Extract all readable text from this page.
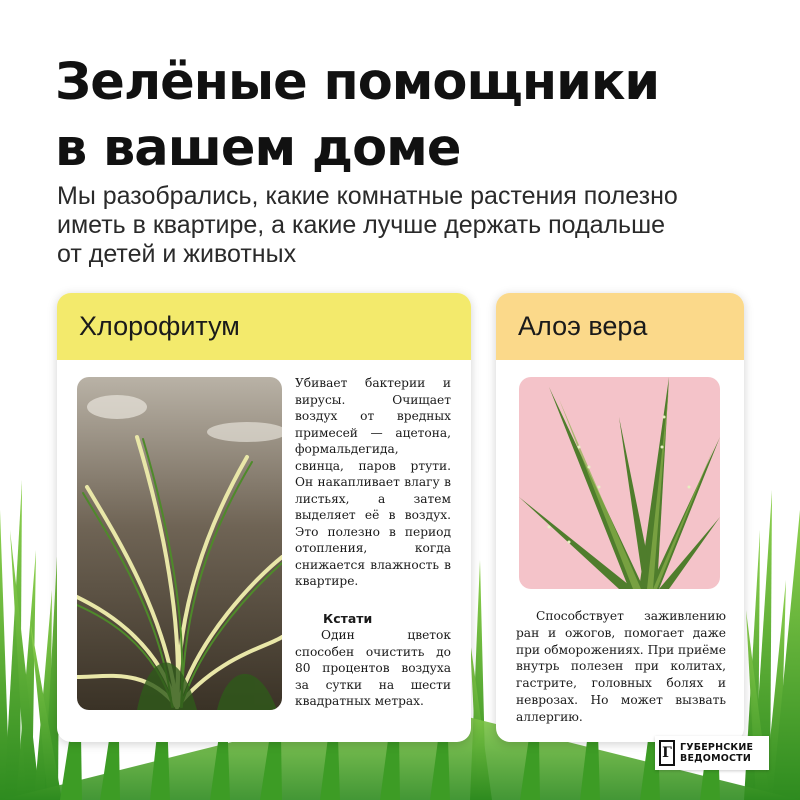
Зелёные помощники
в вашем доме

Мы разобрались, какие комнатные растения полезно
иметь в квартире, а какие лучше держать подальше
от детей и животных

Хлорофитум

Убивает бактерии и вирусы. Очищает воздух от вредных примесей — ацетона, формальдегида, свинца, паров ртути. Он накапливает влагу в листьях, а затем выделяет её в воздух. Это полезно в период отопления, когда снижается влажность в квартире.

Кстати

Один цветок способен очистить до 80 процентов воздуха за сутки на шести квадратных метрах.

Алоэ вера

Способствует заживлению ран и ожогов, помогает даже при обморожениях. При приёме внутрь полезен при колитах, гастрите, головных болях и неврозах. Но может вызвать аллергию.

Г ГУБЕРНСКИЕ
ВЕДОМОСТИ
